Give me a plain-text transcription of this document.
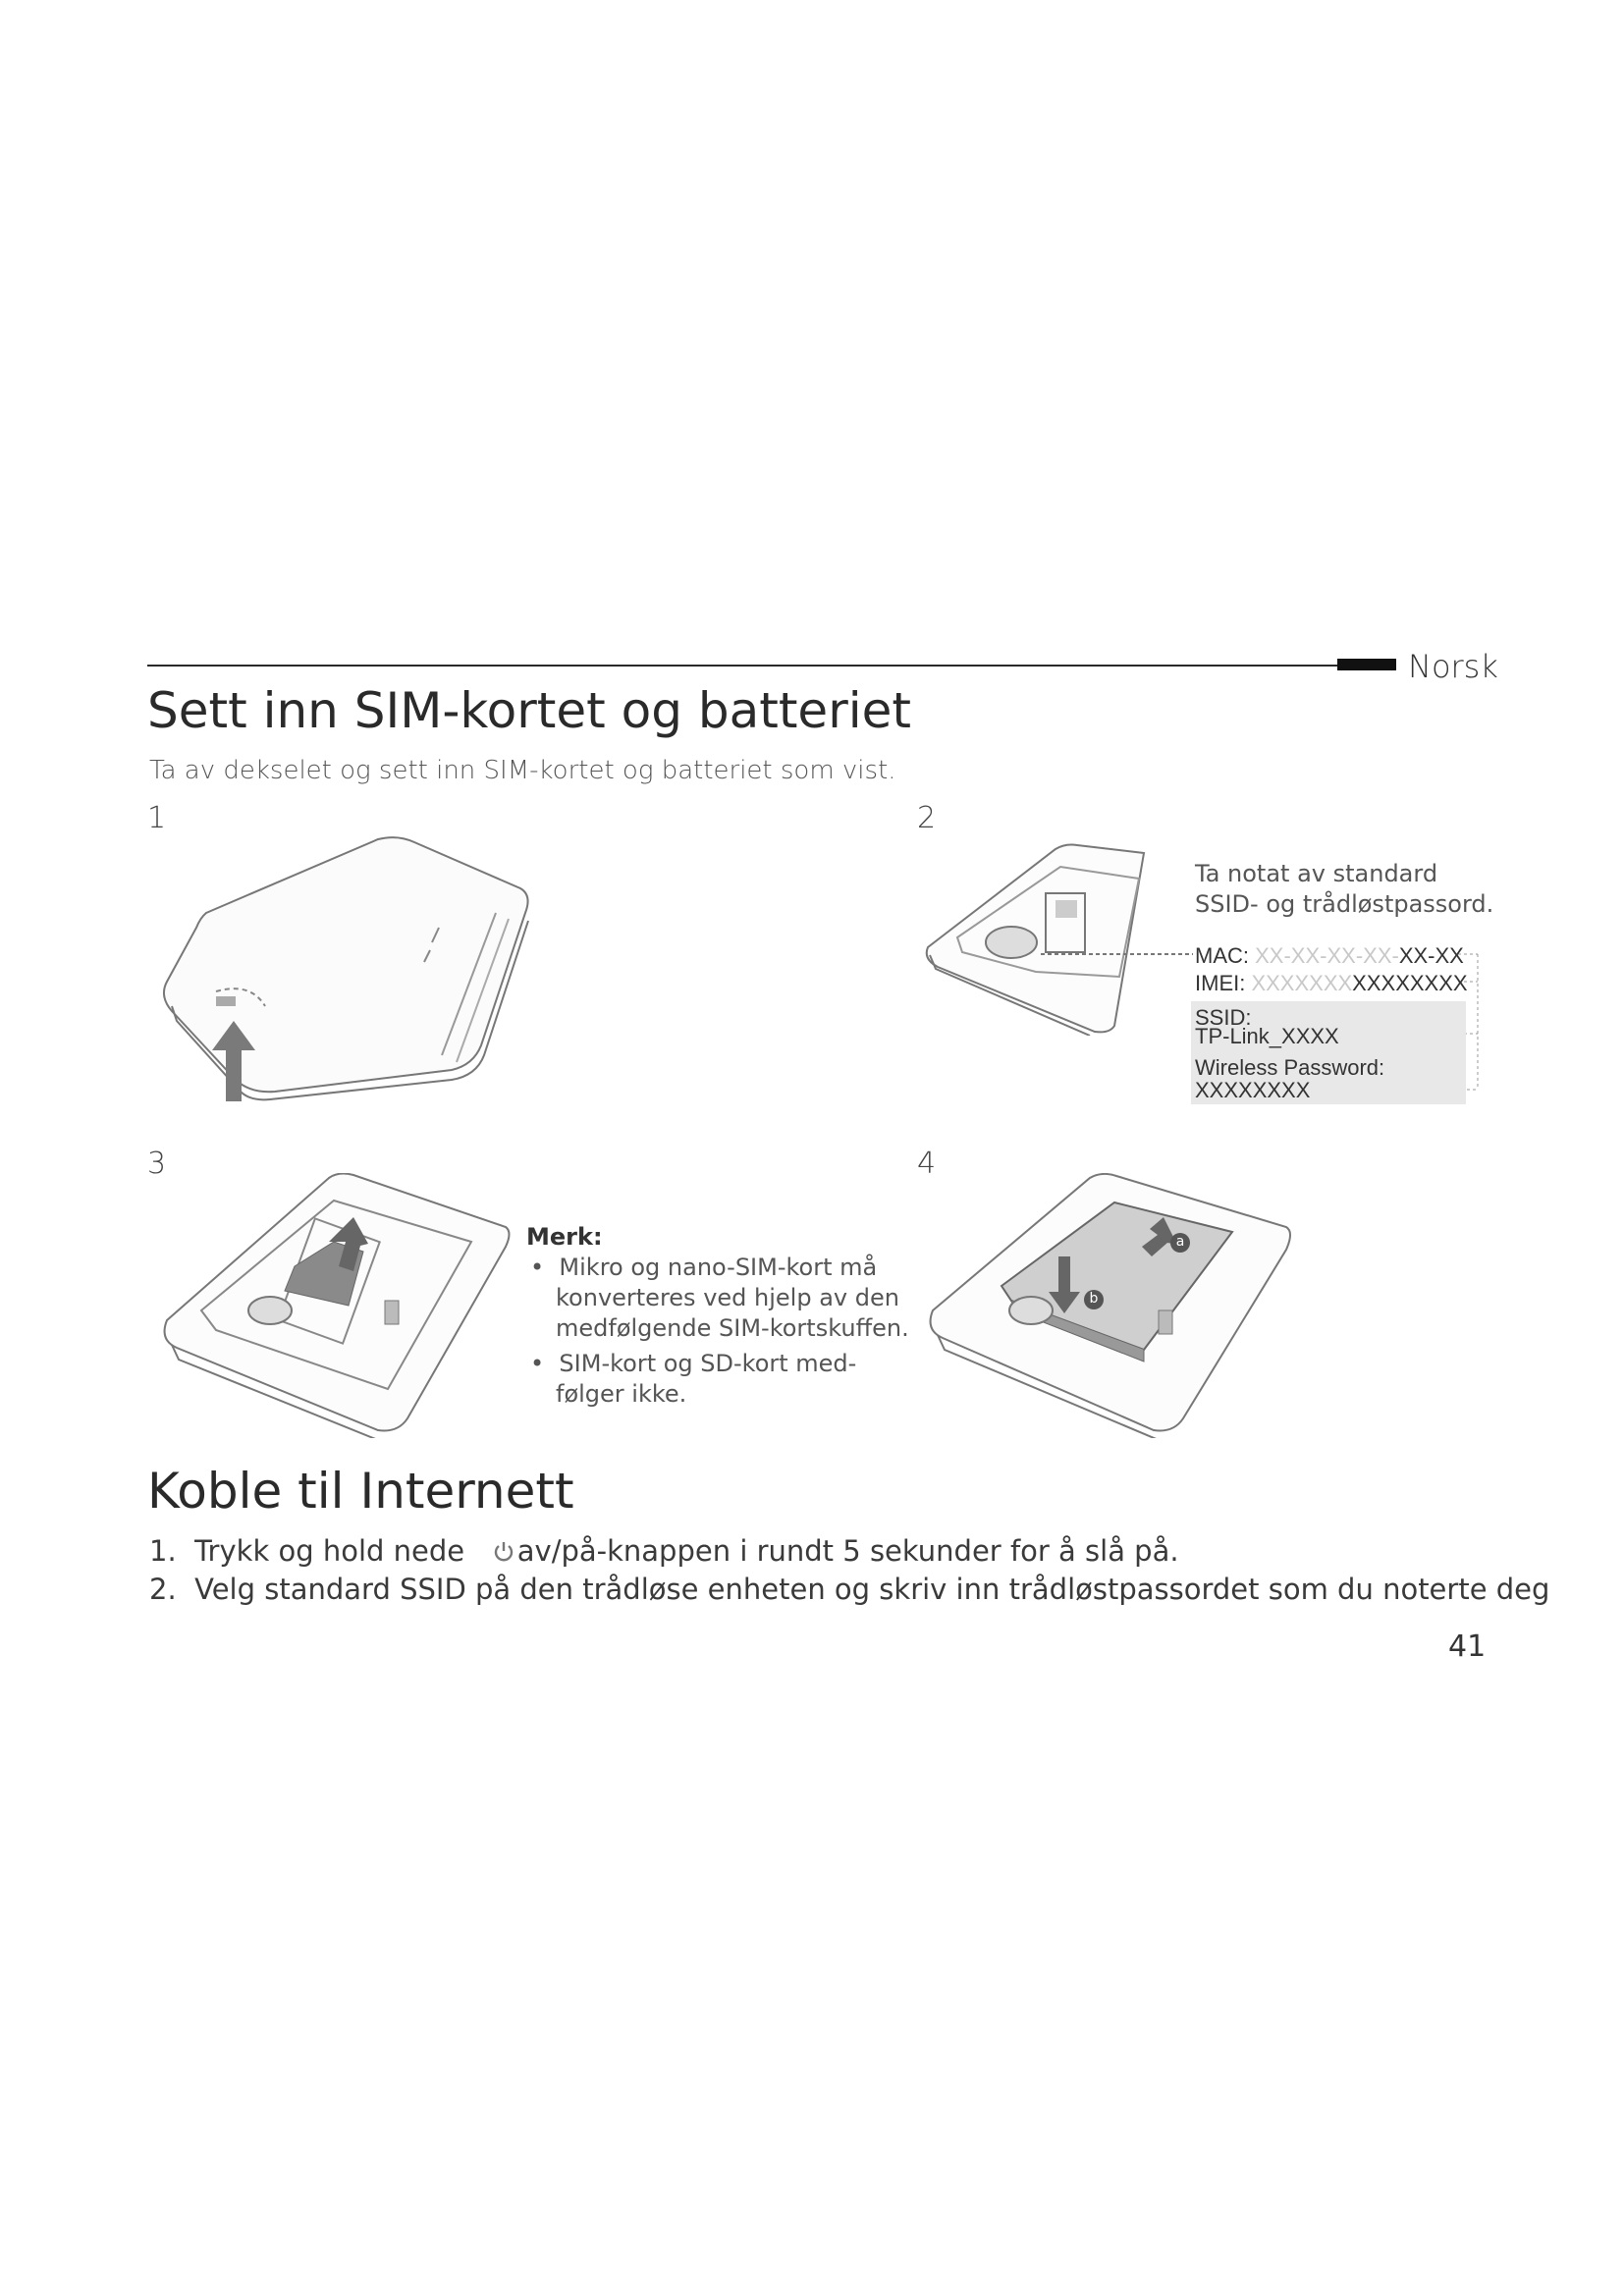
Norsk
Sett inn SIM-kortet og batteriet
Ta av dekselet og sett inn SIM-kortet og batteriet som vist.
1	2
3	4
Ta notat av standard
SSID- og trådløstpassord.
MAC: XX-XX-XX-XX-XX-XX
IMEI: XXXXXXXXXXXXXXX
SSID:
TP-Link_XXXX
Wireless Password:
XXXXXXXX
Merk:
•  Mikro og nano-SIM-kort må
konverteres ved hjelp av den
medfølgende SIM-kortskuffen.
•  SIM-kort og SD-kort med-
følger ikke.
a
b
Koble til Internett
1. Trykk og hold nede av/på-knappen i rundt 5 sekunder for å slå på.
2. Velg standard SSID på den trådløse enheten og skriv inn trådløstpassordet som du noterte deg
41
